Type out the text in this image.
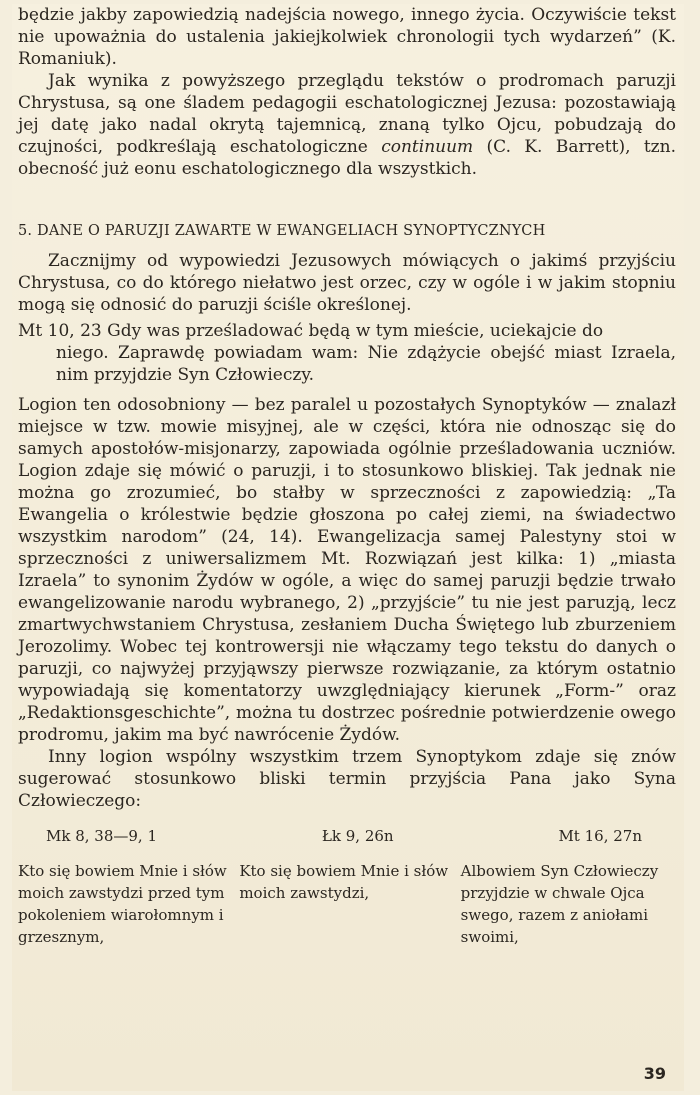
będzie jakby zapowiedzią nadejścia nowego, innego życia. Oczywiście tekst nie upoważnia do ustalenia jakiejkolwiek chronologii tych wydarzeń” (K. Romaniuk).

Jak wynika z powyższego przeglądu tekstów o prodromach paruzji Chrystusa, są one śladem pedagogii eschatologicznej Jezusa: pozostawiają jej datę jako nadal okrytą tajemnicą, znaną tylko Ojcu, pobudzają do czujności, podkreślają eschatologiczne continuum (C. K. Barrett), tzn. obecność już eonu eschatologicznego dla wszystkich.

5. DANE O PARUZJI ZAWARTE W EWANGELIACH SYNOPTYCZNYCH

Zacznijmy od wypowiedzi Jezusowych mówiących o jakimś przyjściu Chrystusa, co do którego niełatwo jest orzec, czy w ogóle i w jakim stopniu mogą się odnosić do paruzji ściśle określonej.

Mt 10, 23 Gdy was prześladować będą w tym mieście, uciekajcie do
niego. Zaprawdę powiadam wam: Nie zdążycie obejść miast Izraela, nim przyjdzie Syn Człowieczy.

Logion ten odosobniony — bez paralel u pozostałych Synoptyków — znalazł miejsce w tzw. mowie misyjnej, ale w części, która nie odnosząc się do samych apostołów-misjonarzy, zapowiada ogólnie prześladowania uczniów. Logion zdaje się mówić o paruzji, i to stosunkowo bliskiej. Tak jednak nie można go zrozumieć, bo stałby w sprzeczności z zapowiedzią: „Ta Ewangelia o królestwie będzie głoszona po całej ziemi, na świadectwo wszystkim narodom” (24, 14). Ewangelizacja samej Palestyny stoi w sprzeczności z uniwersalizmem Mt. Rozwiązań jest kilka: 1) „miasta Izraela” to synonim Żydów w ogóle, a więc do samej paruzji będzie trwało ewangelizowanie narodu wybranego, 2) „przyjście” tu nie jest paruzją, lecz zmartwychwstaniem Chrystusa, zesłaniem Ducha Świętego lub zburzeniem Jerozolimy. Wobec tej kontrowersji nie włączamy tego tekstu do danych o paruzji, co najwyżej przyjąwszy pierwsze rozwiązanie, za którym ostatnio wypowiadają się komentatorzy uwzględniający kierunek „Form-” oraz „Redaktionsgeschichte”, można tu dostrzec pośrednie potwierdzenie owego prodromu, jakim ma być nawrócenie Żydów.

Inny logion wspólny wszystkim trzem Synoptykom zdaje się znów sugerować stosunkowo bliski termin przyjścia Pana jako Syna Człowieczego:

Mk 8, 38—9, 1	Łk 9, 26n	Mt 16, 27n
Kto się bowiem Mnie i słów moich zawstydzi przed tym pokoleniem wiarołomnym i grzesznym,
Kto się bowiem Mnie i słów moich zawstydzi,
Albowiem Syn Człowieczy przyjdzie w chwale Ojca swego, razem z aniołami swoimi,
39
